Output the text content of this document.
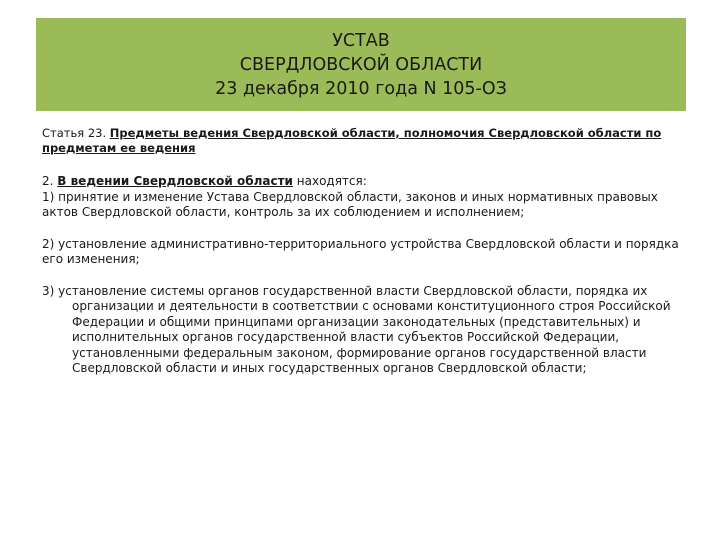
УСТАВ
СВЕРДЛОВСКОЙ ОБЛАСТИ
23 декабря 2010 года N 105-ОЗ

Статья 23. Предметы ведения Свердловской области, полномочия Свердловской области по предметам ее ведения

2. В ведении Свердловской области находятся:

1) принятие и изменение Устава Свердловской области, законов и иных нормативных правовых актов Свердловской области, контроль за их соблюдением и исполнением;

2) установление административно-территориального устройства Свердловской области и порядка его изменения;

3) установление системы органов государственной власти Свердловской области, порядка их организации и деятельности в соответствии с основами конституционного строя Российской Федерации и общими принципами организации законодательных (представительных) и исполнительных органов государственной власти субъектов Российской Федерации, установленными федеральным законом, формирование органов государственной власти Свердловской области и иных государственных органов Свердловской области;
